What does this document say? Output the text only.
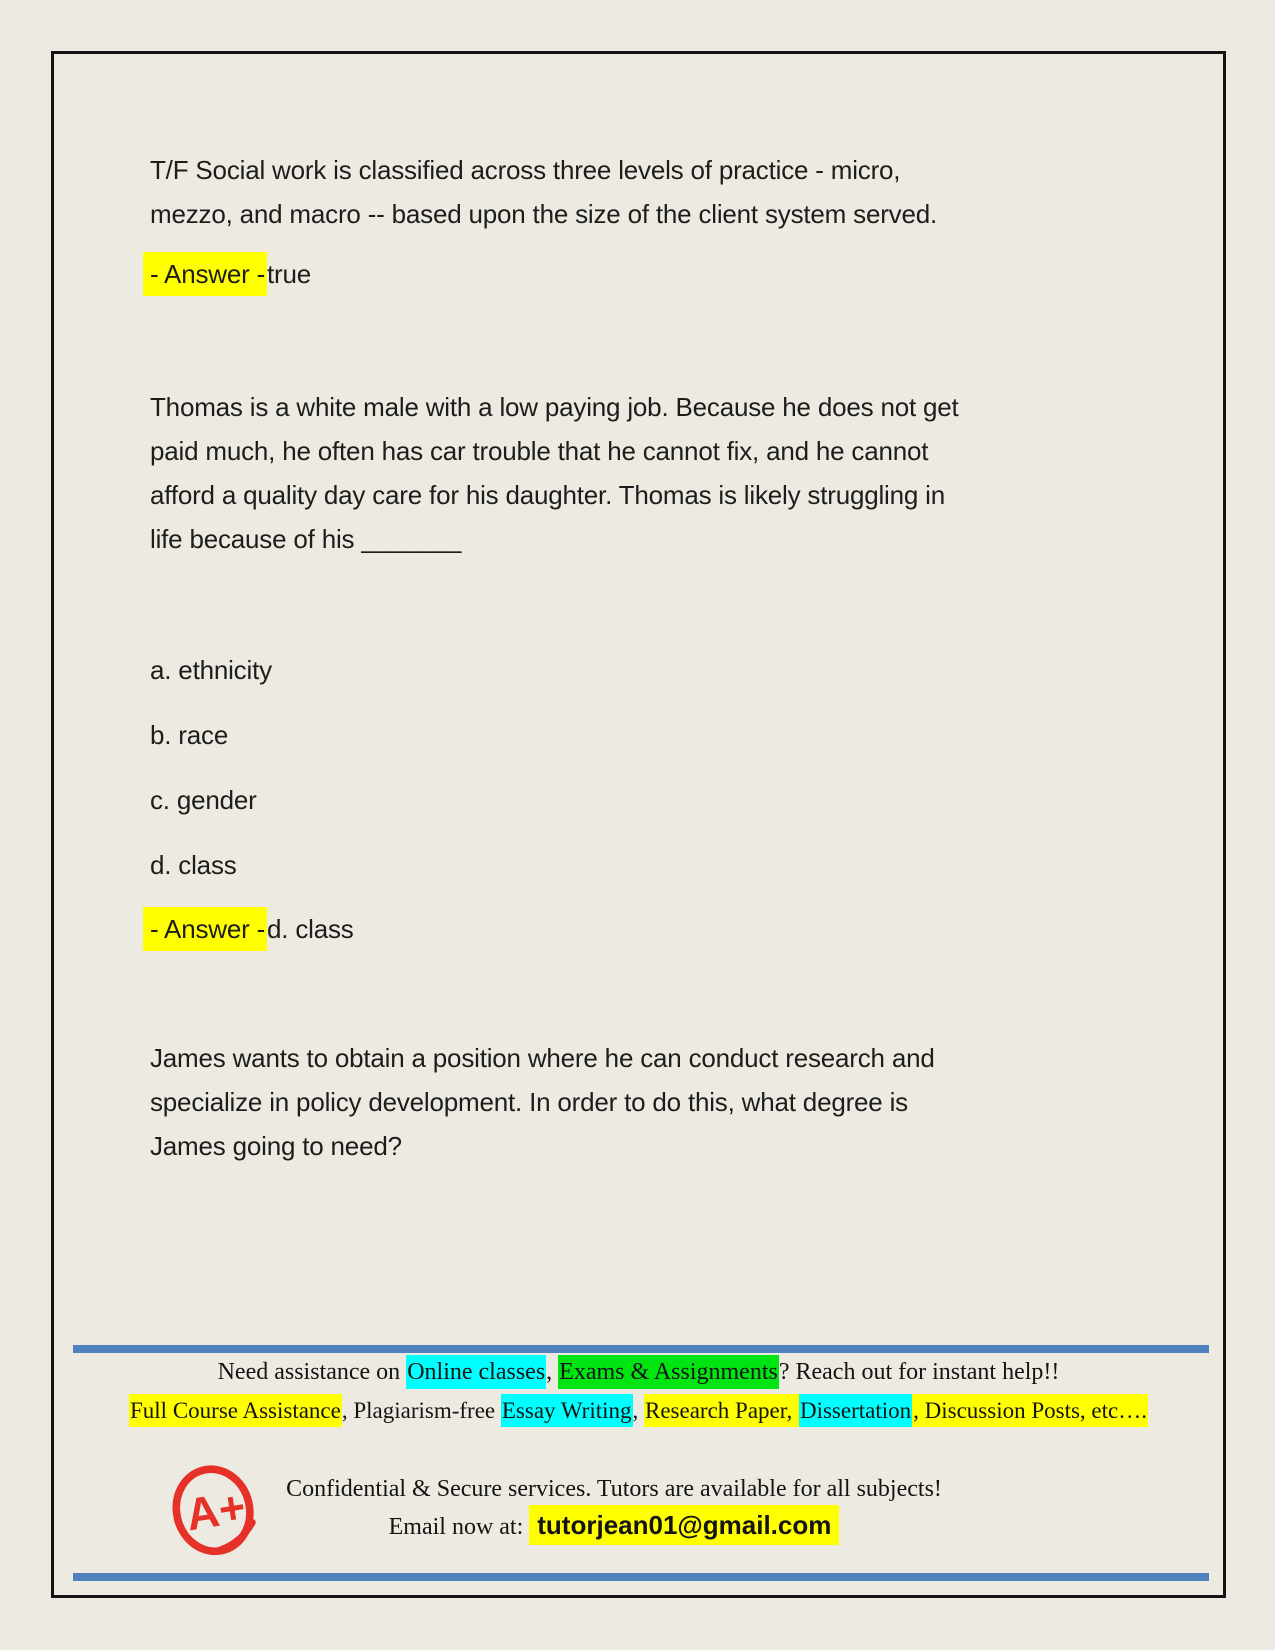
T/F Social work is classified across three levels of practice - micro,
mezzo, and macro -- based upon the size of the client system served.
- Answer -true
Thomas is a white male with a low paying job. Because he does not get
paid much, he often has car trouble that he cannot fix, and he cannot
afford a quality day care for his daughter. Thomas is likely struggling in
life because of his _______
a. ethnicity
b. race
c. gender
d. class
- Answer -d. class
James wants to obtain a position where he can conduct research and
specialize in policy development. In order to do this, what degree is
James going to need?
Need assistance on Online classes, Exams & Assignments? Reach out for instant help!!
Full Course Assistance, Plagiarism-free Essay Writing, Research Paper, Dissertation, Discussion Posts, etc….
A+	Confidential & Secure services. Tutors are available for all subjects!
Email now at: tutorjean01@gmail.com
